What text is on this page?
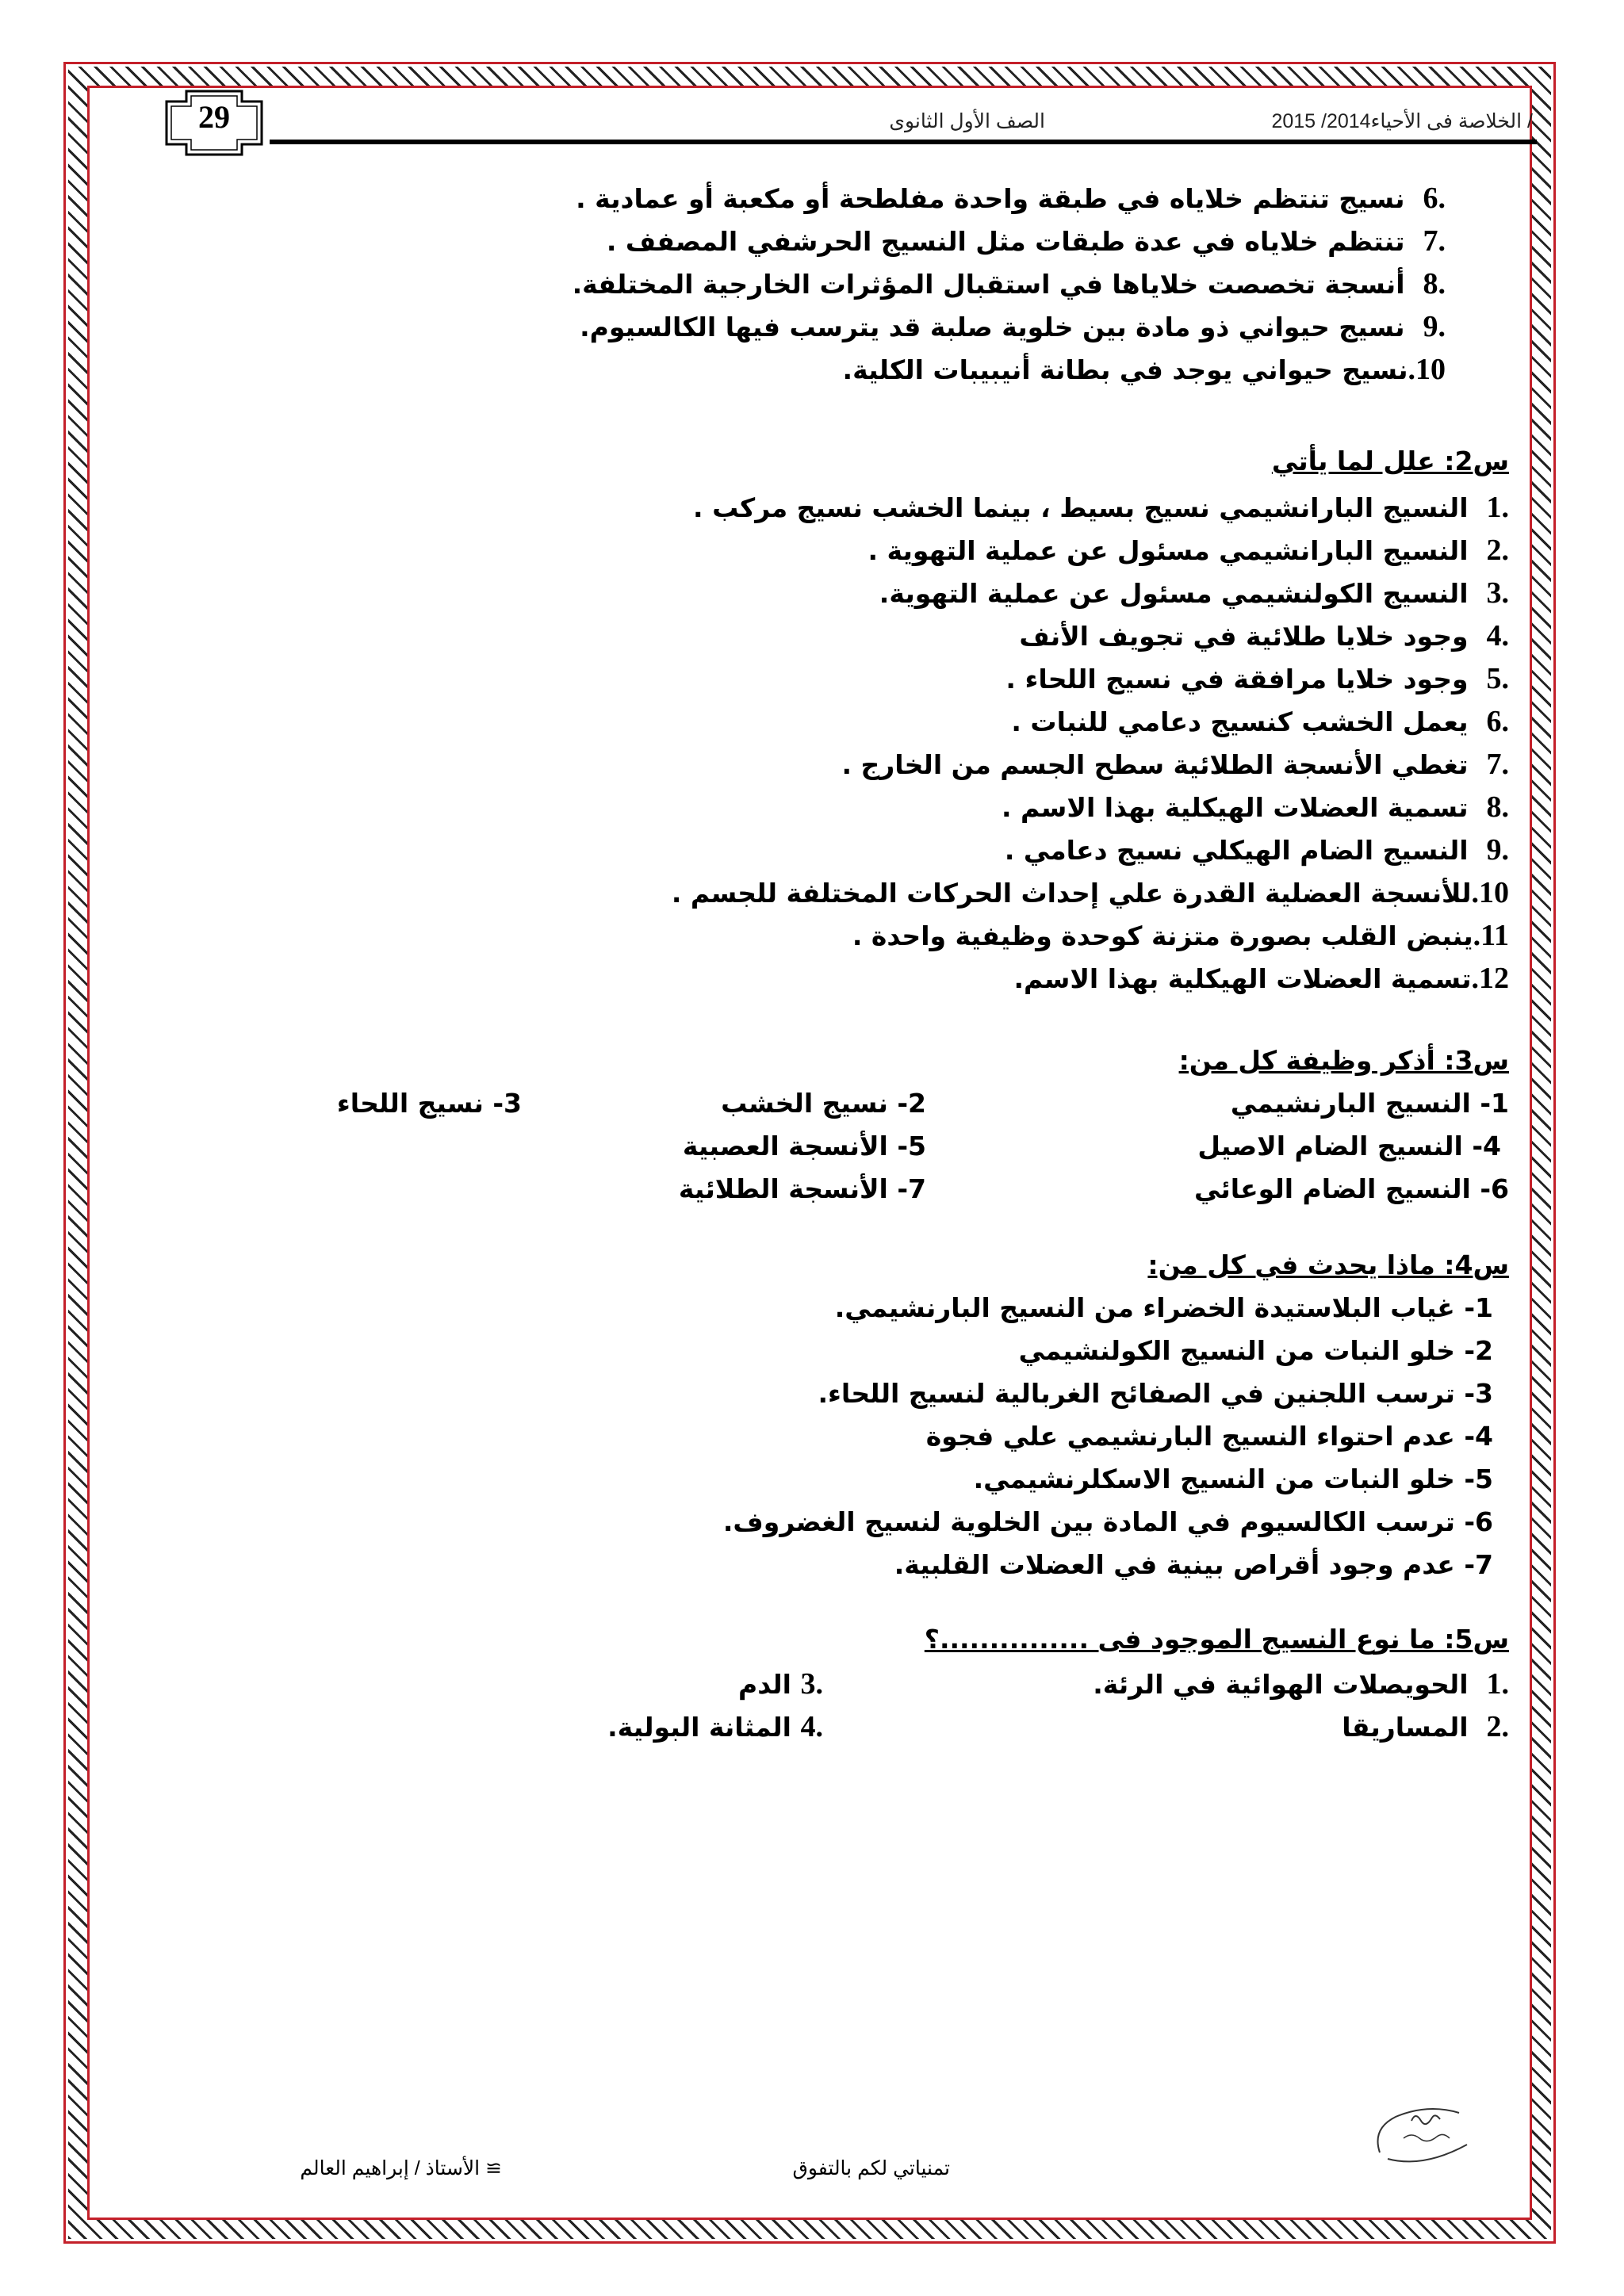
29	/ الخلاصة فى الأحياء2014/ 2015
الصف الأول الثانوى
.6  نسيج تنتظم خلاياه في طبقة واحدة مفلطحة أو مكعبة أو عمادية .
.7  تنتظم خلاياه في عدة طبقات مثل النسيج الحرشفي المصفف .
.8  أنسجة تخصصت خلاياها في استقبال المؤثرات الخارجية المختلفة.
.9  نسيج حيواني ذو مادة بين خلوية صلبة قد يترسب فيها الكالسيوم.
10.نسيج حيواني يوجد في بطانة أنيبيبات الكلية.
س2: علل لما يأتي
.1  النسيج البارانشيمي نسيج بسيط ، بينما الخشب نسيج مركب .
.2  النسيج البارانشيمي مسئول عن عملية التهوية .
.3  النسيج الكولنشيمي مسئول عن عملية التهوية.
.4  وجود خلايا طلائية في تجويف الأنف
.5  وجود خلايا مرافقة في نسيج اللحاء .
.6  يعمل الخشب كنسيج دعامي للنبات .
.7  تغطي الأنسجة الطلائية سطح الجسم من الخارج .
.8  تسمية العضلات الهيكلية بهذا الاسم .
.9  النسيج الضام الهيكلي نسيج دعامي .
10.للأنسجة العضلية القدرة علي إحداث الحركات المختلفة للجسم .
11.ينبض القلب بصورة متزنة كوحدة وظيفية واحدة .
12.تسمية العضلات الهيكلية بهذا الاسم.
س3: أذكر وظيفة كل من:
1- النسيج البارنشيمي
2- نسيج الخشب
3- نسيج اللحاء
4- النسيج الضام الاصيل
5- الأنسجة العصبية
6- النسيج الضام الوعائي
7- الأنسجة الطلائية
س4: ماذا يحدث في كل من:
1- غياب البلاستيدة الخضراء من النسيج البارنشيمي.
2- خلو النبات من النسيج الكولنشيمي
3- ترسب اللجنين في الصفائح الغربالية لنسيج اللحاء.
4- عدم احتواء النسيج البارنشيمي علي فجوة
5- خلو النبات من النسيج الاسكلرنشيمي.
6- ترسب الكالسيوم في المادة بين الخلوية لنسيج الغضروف.
7- عدم وجود أقراص بينية في العضلات القلبية.
س5: ما نوع النسيج الموجود فى ...............؟
.1  الحويصلات الهوائية في الرئة.
.3 الدم
.2  المساريقا
.4 المثانة البولية.
تمنياتي لكم بالتفوق
≅ الأستاذ / إبراهيم العالم
